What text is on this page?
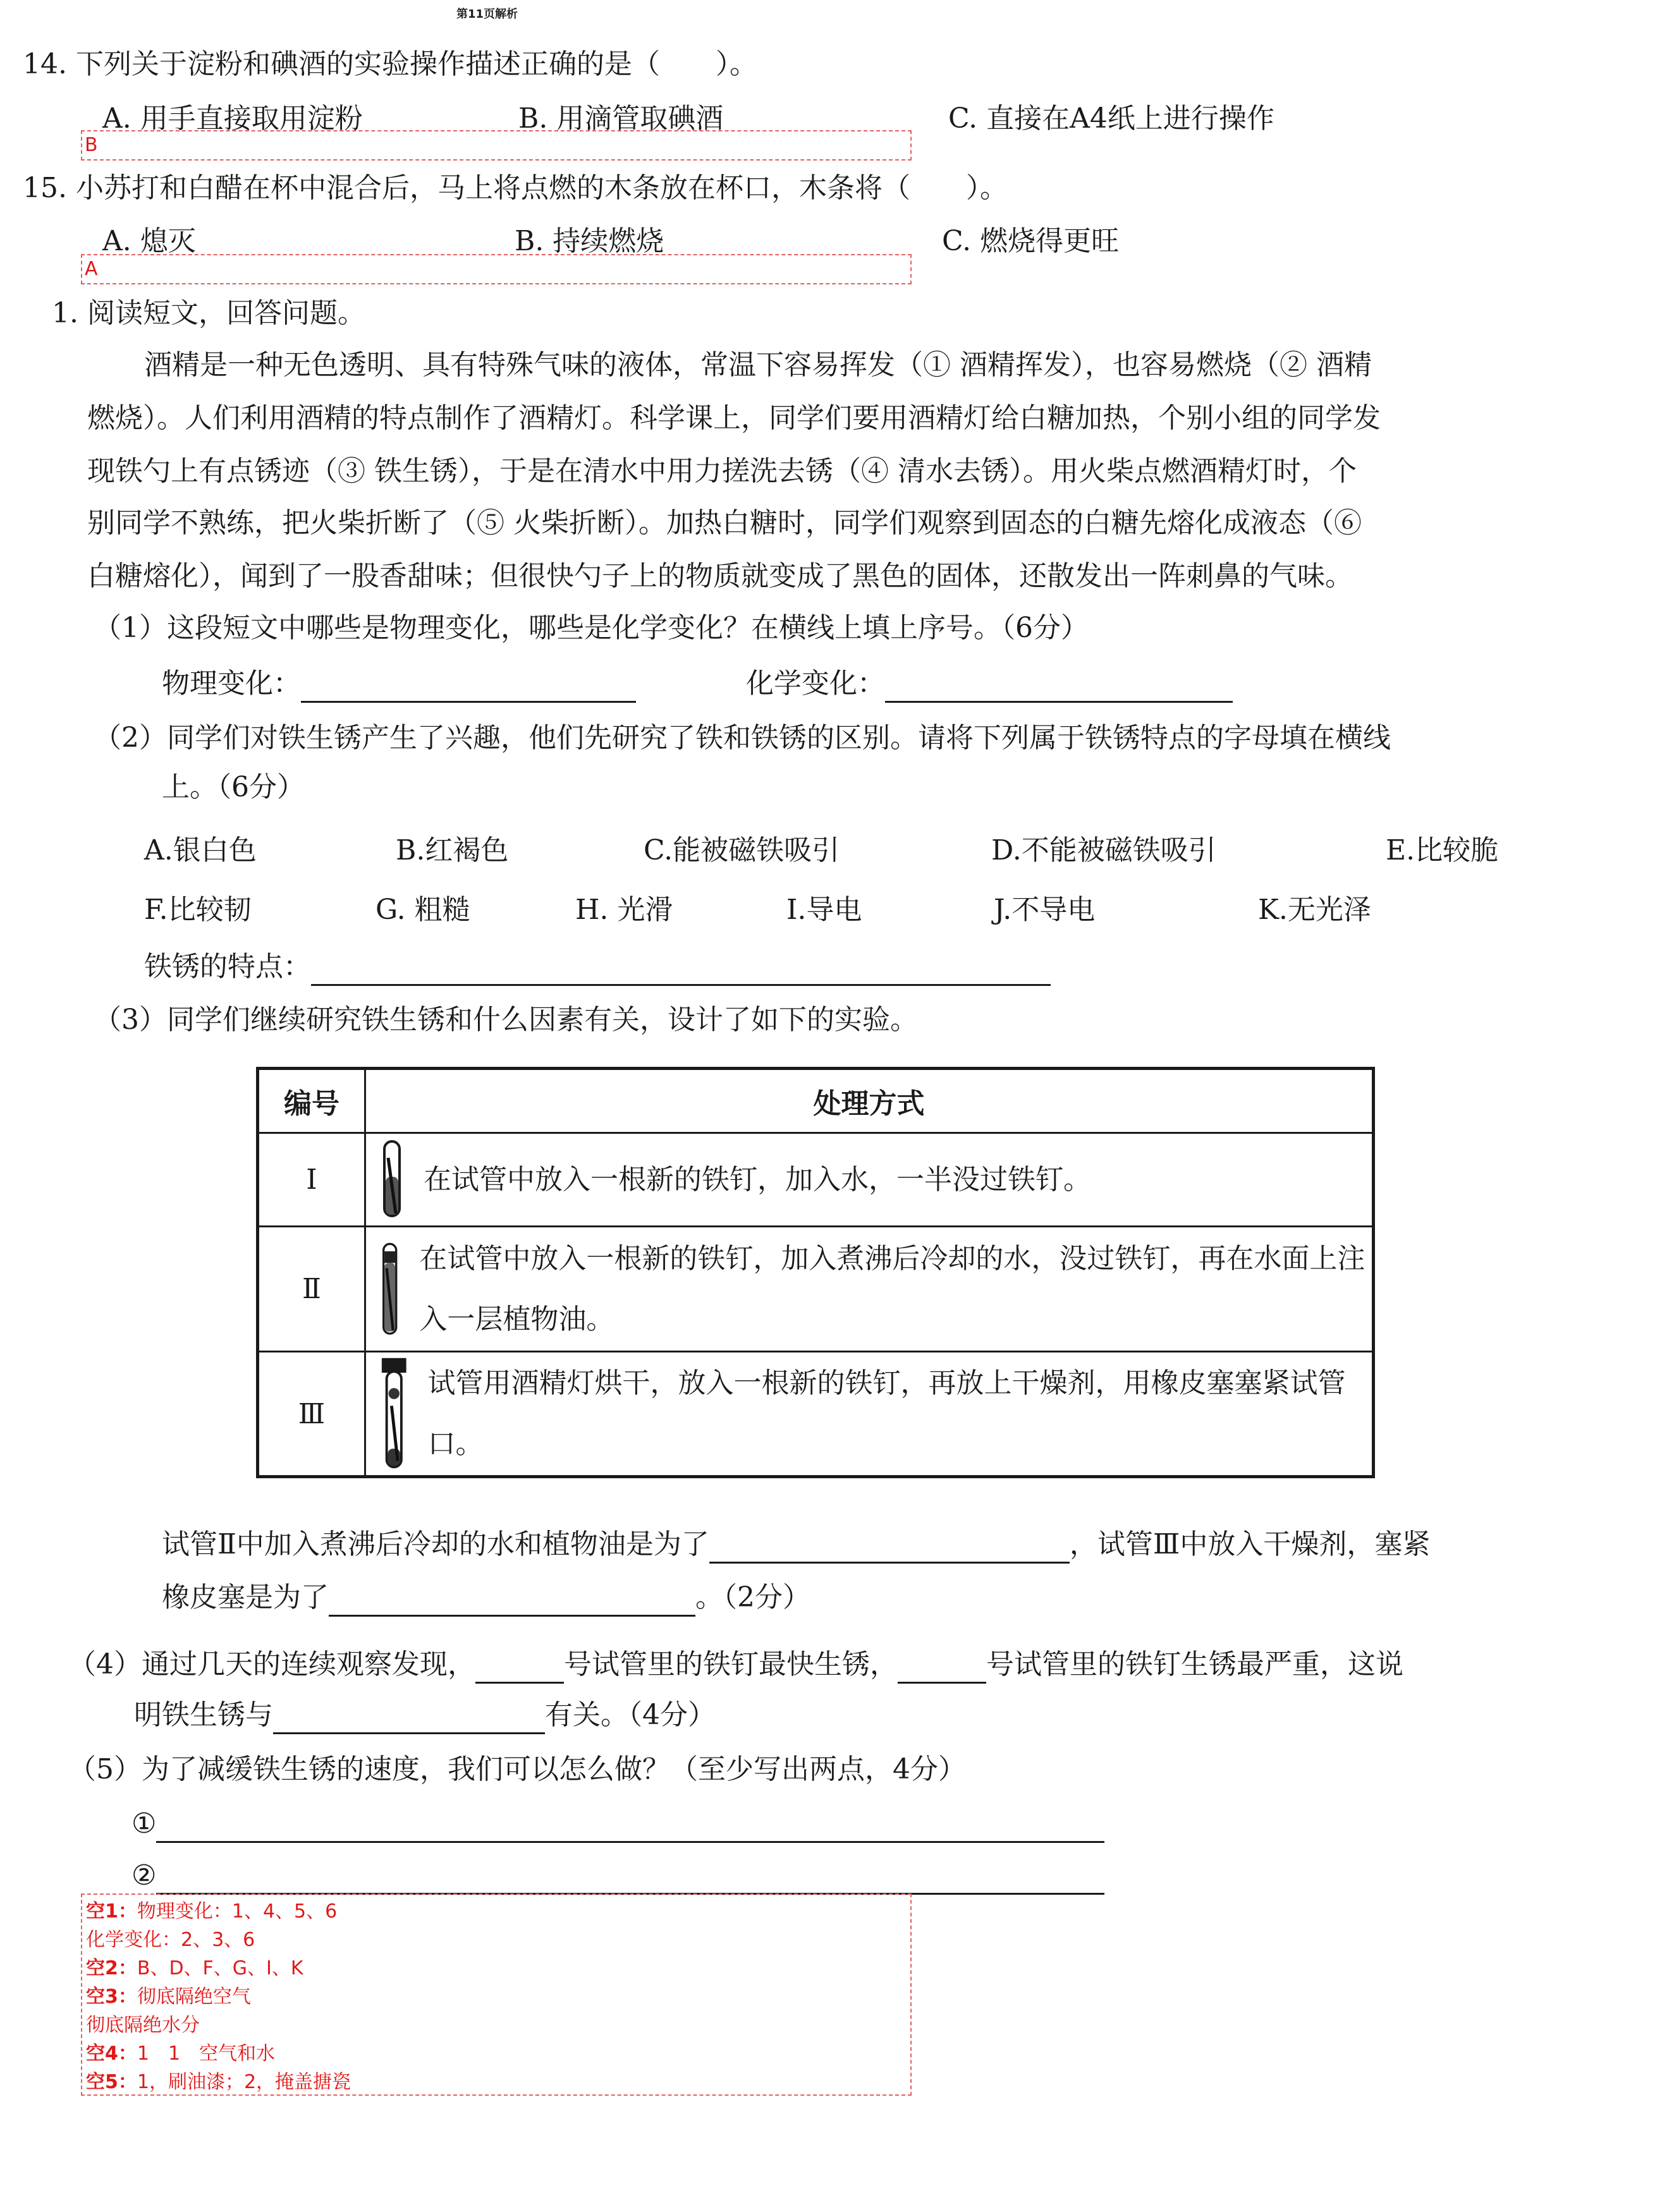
第11页解析
14. 下列关于淀粉和碘酒的实验操作描述正确的是（　　）。
A. 用手直接取用淀粉	B. 用滴管取碘酒	C. 直接在A4纸上进行操作
B
15. 小苏打和白醋在杯中混合后，马上将点燃的木条放在杯口，木条将（　　）。
A. 熄灭	B. 持续燃烧	C. 燃烧得更旺
A
1. 阅读短文，回答问题。
酒精是一种无色透明、具有特殊气味的液体，常温下容易挥发（① 酒精挥发），也容易燃烧（② 酒精
燃烧）。人们利用酒精的特点制作了酒精灯。科学课上，同学们要用酒精灯给白糖加热，个别小组的同学发
现铁勺上有点锈迹（③ 铁生锈），于是在清水中用力搓洗去锈（④ 清水去锈）。用火柴点燃酒精灯时，个
别同学不熟练，把火柴折断了（⑤ 火柴折断）。加热白糖时，同学们观察到固态的白糖先熔化成液态（⑥
白糖熔化），闻到了一股香甜味；但很快勺子上的物质就变成了黑色的固体，还散发出一阵刺鼻的气味。
（1）这段短文中哪些是物理变化，哪些是化学变化？在横线上填上序号。（6分）
物理变化：	化学变化：
（2）同学们对铁生锈产生了兴趣，他们先研究了铁和铁锈的区别。请将下列属于铁锈特点的字母填在横线
上。（6分）
A.银白色	B.红褐色	C.能被磁铁吸引	D.不能被磁铁吸引	E.比较脆
F.比较韧	G. 粗糙	H. 光滑	I.导电	J.不导电	K.无光泽
铁锈的特点：
（3）同学们继续研究铁生锈和什么因素有关，设计了如下的实验。
编号	处理方式
Ⅰ	在试管中放入一根新的铁钉，加入水，一半没过铁钉。

Ⅱ	在试管中放入一根新的铁钉，加入煮沸后冷却的水，没过铁钉，再在水面上注入一层植物油。

Ⅲ	试管用酒精灯烘干，放入一根新的铁钉，再放上干燥剂，用橡皮塞塞紧试管口。
试管Ⅱ中加入煮沸后冷却的水和植物油是为了	，试管Ⅲ中放入干燥剂，塞紧
橡皮塞是为了	。（2分）
（4）通过几天的连续观察发现，	号试管里的铁钉最快生锈，	号试管里的铁钉生锈最严重，这说
明铁生锈与	有关。（4分）
（5）为了减缓铁生锈的速度，我们可以怎么做？（至少写出两点，4分）
①
②
空1：物理变化：1、4、5、6
化学变化：2、3、6
空2：B、D、F、G、I、K
空3：彻底隔绝空气
彻底隔绝水分
空4：1　1　空气和水
空5：1，刷油漆；2，掩盖搪瓷
